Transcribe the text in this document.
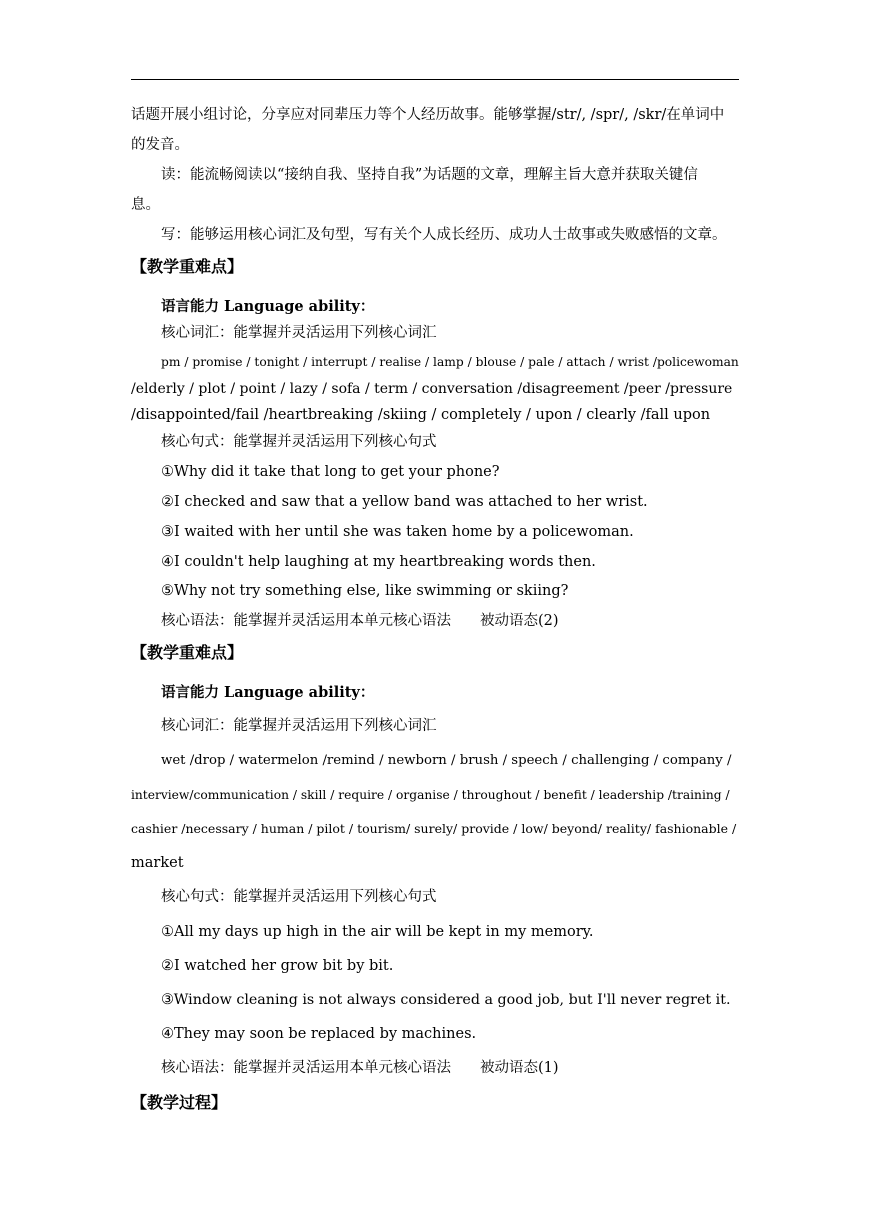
话题开展小组讨论，分享应对同辈压力等个人经历故事。能够掌握/str/, /spr/, /skr/在单词中
的发音。
读：能流畅阅读以“接纳自我、坚持自我”为话题的文章，理解主旨大意并获取关键信
息。
写：能够运用核心词汇及句型，写有关个人成长经历、成功人士故事或失败感悟的文章。
【教学重难点】
语言能力 Language ability：
核心词汇：能掌握并灵活运用下列核心词汇
pm / promise / tonight / interrupt / realise / lamp / blouse / pale / attach / wrist /policewoman
/elderly / plot / point / lazy / sofa / term / conversation /disagreement /peer /pressure
/disappointed/fail /heartbreaking /skiing / completely / upon / clearly /fall upon
核心句式：能掌握并灵活运用下列核心句式
①Why did it take that long to get your phone?
②I checked and saw that a yellow band was attached to her wrist.
③I waited with her until she was taken home by a policewoman.
④I couldn't help laughing at my heartbreaking words then.
⑤Why not try something else, like swimming or skiing?
核心语法：能掌握并灵活运用本单元核心语法　　被动语态(2)
【教学重难点】
语言能力 Language ability：
核心词汇：能掌握并灵活运用下列核心词汇
wet /drop / watermelon /remind / newborn / brush / speech / challenging / company /
interview/communication / skill / require / organise / throughout / benefit / leadership /training /
cashier /necessary / human / pilot / tourism/ surely/ provide / low/ beyond/ reality/ fashionable /
market
核心句式：能掌握并灵活运用下列核心句式
①All my days up high in the air will be kept in my memory.
②I watched her grow bit by bit.
③Window cleaning is not always considered a good job, but I'll never regret it.
④They may soon be replaced by machines.
核心语法：能掌握并灵活运用本单元核心语法　　被动语态(1)
【教学过程】
